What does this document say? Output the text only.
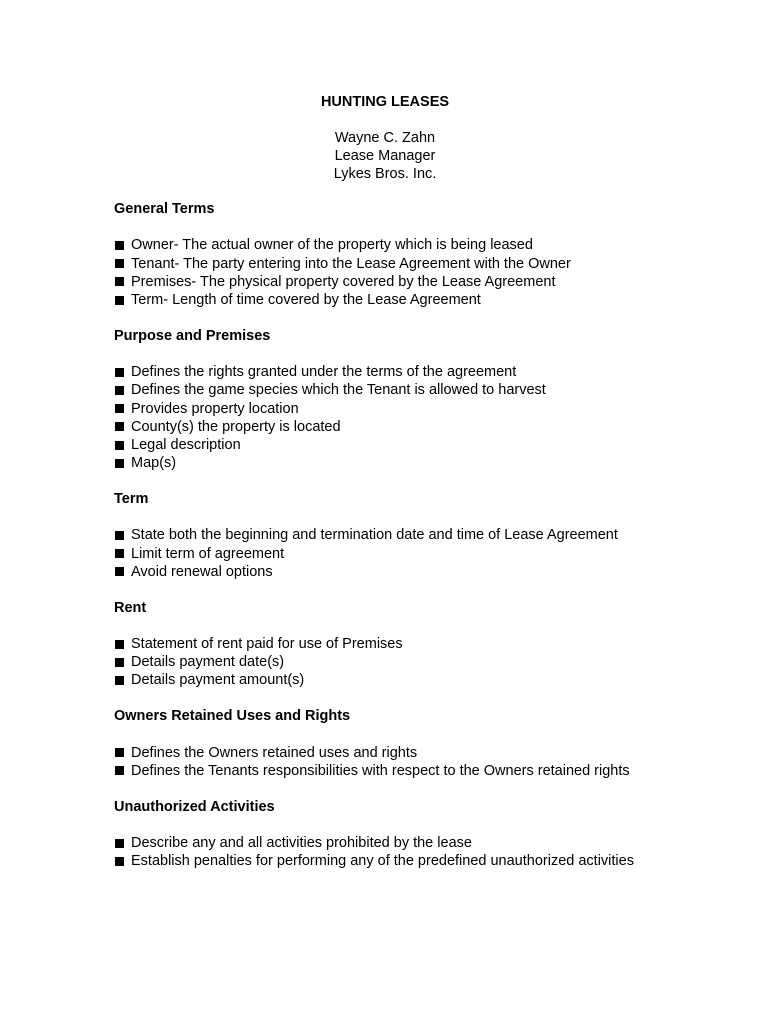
HUNTING LEASES
Wayne C. Zahn
Lease Manager
Lykes Bros. Inc.
General Terms
Owner- The actual owner of the property which is being leased
Tenant- The party entering into the Lease Agreement with the Owner
Premises- The physical property covered by the Lease Agreement
Term- Length of time covered by the Lease Agreement
Purpose and Premises
Defines the rights granted under the terms of the agreement
Defines the game species which the Tenant is allowed to harvest
Provides property location
County(s) the property is located
Legal description
Map(s)
Term
State both the beginning and termination date and time of Lease Agreement
Limit term of agreement
Avoid renewal options
Rent
Statement of rent paid for use of Premises
Details payment date(s)
Details payment amount(s)
Owners Retained Uses and Rights
Defines the Owners retained uses and rights
Defines the Tenants responsibilities with respect to the Owners retained rights
Unauthorized Activities
Describe any and all activities prohibited by the lease
Establish penalties for performing any of the predefined unauthorized activities
